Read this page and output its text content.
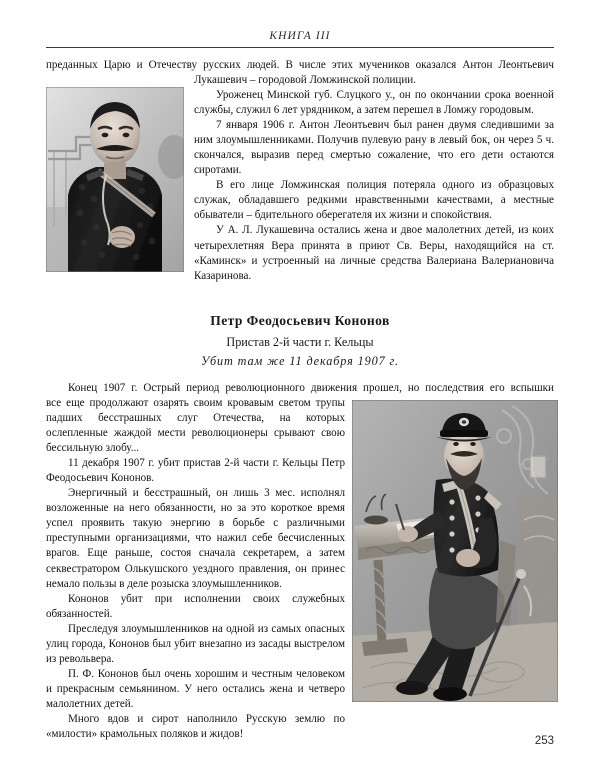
КНИГА III
преданных Царю и Отечеству русских людей. В числе этих мучеников оказался Антон Леонтьевич

Лукашевич – городовой Ломжинской полиции.

Уроженец Минской губ. Слуцкого у., он по окончании срока военной службы, служил 6 лет урядником, а затем перешел в Ломжу городовым.

7 января 1906 г. Антон Леонтьевич был ранен двумя следившими за ним злоумышленниками. Получив пулевую рану в левый бок, он через 5 ч. скончался, выразив перед смертью сожаление, что его дети остаются сиротами.

В его лице Ломжинская полиция потеряла одного из образцовых служак, обладавшего редкими нравственными качествами, а местные обыватели – бдительного оберегателя их жизни и спокойствия.

У А. Л. Лукашевича остались жена и двое малолетних детей, из коих четырехлетняя Вера принята в приют Св. Веры, находящийся на ст. «Каминск» и устроенный на личные средства Валериана Валериановича Казаринова.

Петр Феодосьевич Кононов
Пристав 2-й части г. Кельцы
Убит там же 11 декабря 1907 г.
Конец 1907 г. Острый период революционного движения прошел, но последствия его вспышки

все еще продолжают озарять своим кровавым светом трупы падших бесстрашных слуг Отечества, на которых ослепленные жаждой мести революционеры срывают свою бессильную злобу...

11 декабря 1907 г. убит пристав 2-й части г. Кельцы Петр Феодосьевич Кононов.

Энергичный и бесстрашный, он лишь 3 мес. исполнял возложенные на него обязанности, но за это короткое время успел проявить такую энергию в борьбе с различными преступными организациями, что нажил себе бесчисленных врагов. Еще раньше, состоя сначала секретарем, а затем секвестратором Олькушского уездного правления, он принес немало пользы в деле розыска злоумышленников.

Кононов убит при исполнении своих служебных обязанностей.

Преследуя злоумышленников на одной из самых опасных улиц города, Кононов был убит внезапно из засады выстрелом из револьвера.

П. Ф. Кононов был очень хорошим и честным человеком и прекрасным семьянином. У него остались жена и четверо малолетних детей.

Много вдов и сирот наполнило Русскую землю по «милости» крамольных поляков и жидов!

253
